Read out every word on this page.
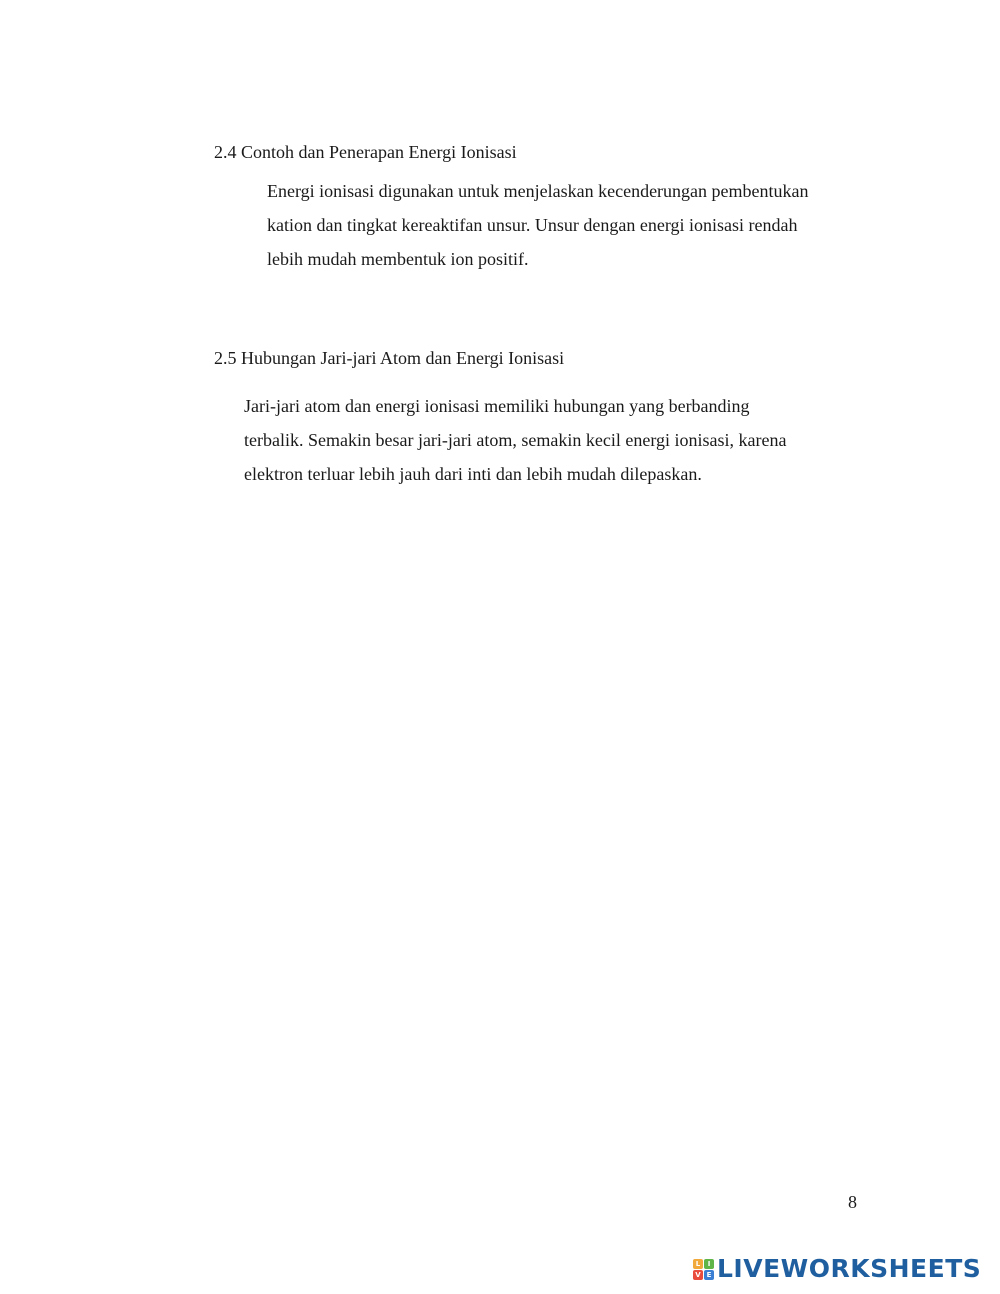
2.4 Contoh dan Penerapan Energi Ionisasi
Energi ionisasi digunakan untuk menjelaskan kecenderungan pembentukan
kation dan tingkat kereaktifan unsur. Unsur dengan energi ionisasi rendah
lebih mudah membentuk ion positif.
2.5 Hubungan Jari-jari Atom dan Energi Ionisasi
Jari-jari atom dan energi ionisasi memiliki hubungan yang berbanding
terbalik. Semakin besar jari-jari atom, semakin kecil energi ionisasi, karena
elektron terluar lebih jauh dari inti dan lebih mudah dilepaskan.
8
L	I
V E LIVEWORKSHEETS
